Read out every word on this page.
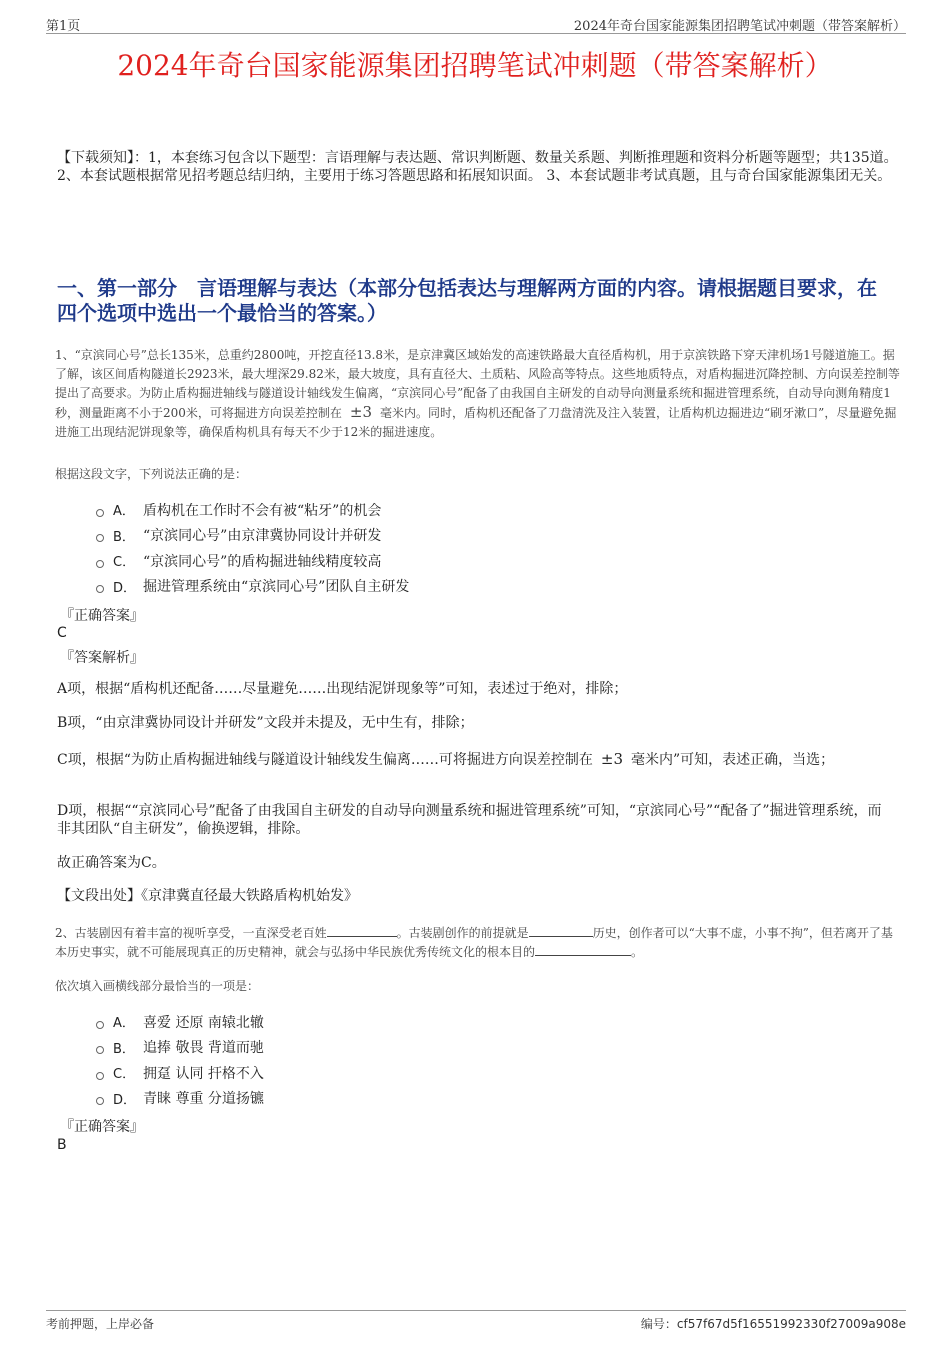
第1页	2024年奇台国家能源集团招聘笔试冲刺题（带答案解析）
2024年奇台国家能源集团招聘笔试冲刺题（带答案解析）

【下载须知】：1，本套练习包含以下题型：言语理解与表达题、常识判断题、数量关系题、判断推理题和资料分析题等题型；共135道。 2、本套试题根据常见招考题总结归纳，主要用于练习答题思路和拓展知识面。 3、本套试题非考试真题，且与奇台国家能源集团无关。

一、第一部分　言语理解与表达（本部分包括表达与理解两方面的内容。请根据题目要求，在四个选项中选出一个最恰当的答案。）

1、“京滨同心号”总长135米，总重约2800吨，开挖直径13.8米，是京津冀区域始发的高速铁路最大直径盾构机，用于京滨铁路下穿天津机场1号隧道施工。据了解，该区间盾构隧道长2923米，最大埋深29.82米，最大坡度，具有直径大、土质粘、风险高等特点。这些地质特点，对盾构掘进沉降控制、方向误差控制等提出了高要求。为防止盾构掘进轴线与隧道设计轴线发生偏离，“京滨同心号”配备了由我国自主研发的自动导向测量系统和掘进管理系统，自动导向测角精度1秒，测量距离不小于200米，可将掘进方向误差控制在 ±3 毫米内。同时，盾构机还配备了刀盘清洗及注入装置，让盾构机边掘进边“刷牙漱口”，尽量避免掘进施工出现结泥饼现象等，确保盾构机具有每天不少于12米的掘进速度。

根据这段文字，下列说法正确的是：

A． 盾构机在工作时不会有被“粘牙”的机会
B． “京滨同心号”由京津冀协同设计并研发
C． “京滨同心号”的盾构掘进轴线精度较高
D． 掘进管理系统由“京滨同心号”团队自主研发
『正确答案』
C
『答案解析』

A项，根据“盾构机还配备……尽量避免……出现结泥饼现象等”可知，表述过于绝对，排除；

B项，“由京津冀协同设计并研发”文段并未提及，无中生有，排除；

C项，根据“为防止盾构掘进轴线与隧道设计轴线发生偏离……可将掘进方向误差控制在 ±3 毫米内”可知，表述正确，当选；

D项，根据““京滨同心号”配备了由我国自主研发的自动导向测量系统和掘进管理系统”可知，“京滨同心号”“配备了”掘进管理系统，而非其团队“自主研发”，偷换逻辑，排除。

故正确答案为C。

【文段出处】《京津冀直径最大铁路盾构机始发》

2、古装剧因有着丰富的视听享受，一直深受老百姓	。古装剧创作的前提就是	历史，创作者可以“大事不虚，小事不拘”，但若离开了基本历史事实，就不可能展现真正的历史精神，就会与弘扬中华民族优秀传统文化的根本目的	。

依次填入画横线部分最恰当的一项是：

A． 喜爱 还原 南辕北辙
B． 追捧 敬畏 背道而驰
C． 拥趸 认同 扞格不入
D． 青睐 尊重 分道扬镳
『正确答案』
B
考前押题，上岸必备	编号：cf57f67d5f16551992330f27009a908e
